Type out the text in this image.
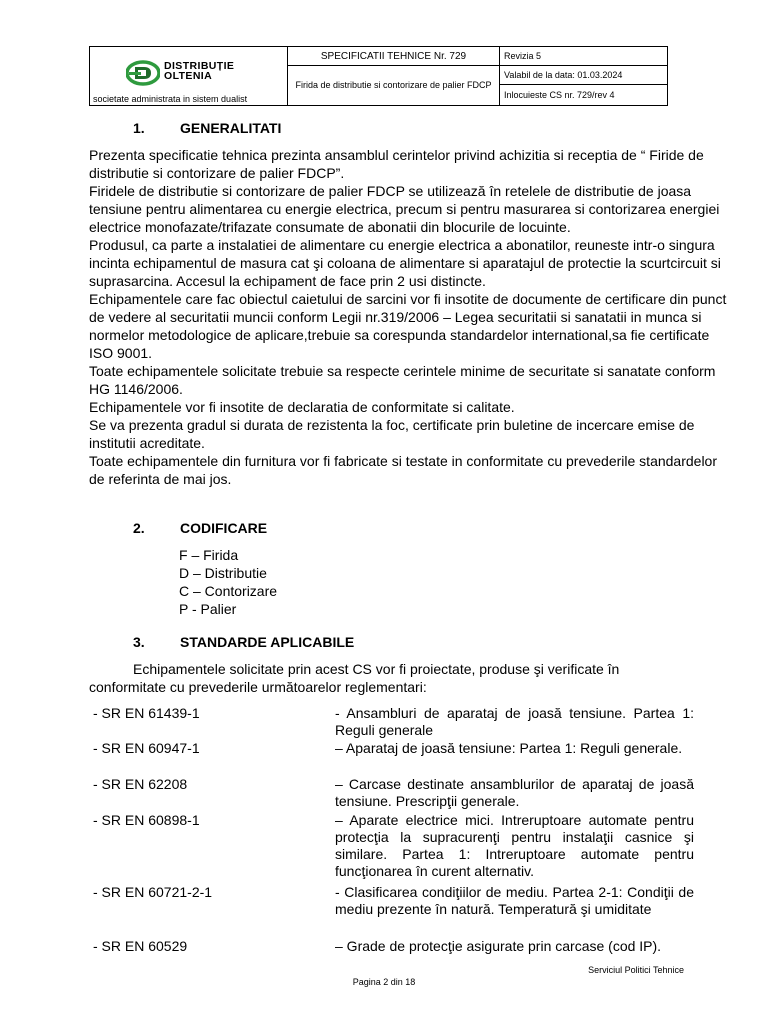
DISTRIBUȚIE
OLTENIA
societate administrata in sistem dualist	SPECIFICATII TEHNICE Nr. 729	Revizia 5
	Firida de distributie si contorizare de palier FDCP	Valabil de la data: 01.03.2024
		Inlocuieste CS nr. 729/rev 4
1.	GENERALITATI

Prezenta specificatie tehnica prezinta ansamblul cerintelor privind achizitia si receptia de “ Firide de distributie si contorizare de palier FDCP”.

Firidele de distributie si contorizare de palier FDCP se utilizează în retelele de distributie de joasa tensiune pentru alimentarea cu energie electrica, precum si pentru masurarea si contorizarea energiei electrice monofazate/trifazate consumate de abonatii din blocurile de locuinte.

Produsul, ca parte a instalatiei de alimentare cu energie electrica a abonatilor, reuneste intr-o singura incinta echipamentul de masura cat şi coloana de alimentare si aparatajul de protectie la scurtcircuit si suprasarcina. Accesul la echipament de face prin 2 usi distincte.

Echipamentele care fac obiectul caietului de sarcini vor fi insotite de documente de certificare din punct de vedere al securitatii muncii conform Legii nr.319/2006 – Legea securitatii si sanatatii in munca si normelor metodologice de aplicare,trebuie sa corespunda standardelor international,sa fie certificate ISO 9001.

Toate echipamentele solicitate trebuie sa respecte cerintele minime de securitate si sanatate conform HG 1146/2006.

Echipamentele vor fi insotite de declaratia de conformitate si calitate.

Se va prezenta gradul si durata de rezistenta la foc, certificate prin buletine de incercare emise de institutii acreditate.

Toate echipamentele din furnitura vor fi fabricate si testate in conformitate cu prevederile standardelor de referinta de mai jos.

2.	CODIFICARE
F – Firida
D – Distributie
C – Contorizare
P - Palier
3.	STANDARDE APLICABILE
Echipamentele solicitate prin acest CS vor fi proiectate, produse şi verificate în conformitate cu prevederile următoarelor reglementari:
- SR EN 61439-1	- Ansambluri de aparataj de joasă tensiune. Partea 1: Reguli generale
- SR EN 60947-1	– Aparataj de joasă tensiune: Partea 1: Reguli generale.
- SR EN 62208	– Carcase destinate ansamblurilor de aparataj de joasă tensiune. Prescripţii generale.
- SR EN 60898-1	– Aparate electrice mici. Intreruptoare automate pentru protecţia la supracurenţi pentru instalaţii casnice şi similare. Partea 1: Intreruptoare automate pentru funcţionarea în curent alternativ.
- SR EN 60721-2-1	- Clasificarea condiţiilor de mediu. Partea 2-1: Condiţii de mediu prezente în natură. Temperatură şi umiditate
- SR EN 60529	– Grade de protecţie asigurate prin carcase (cod IP).
Serviciul Politici Tehnice
Pagina 2 din 18
